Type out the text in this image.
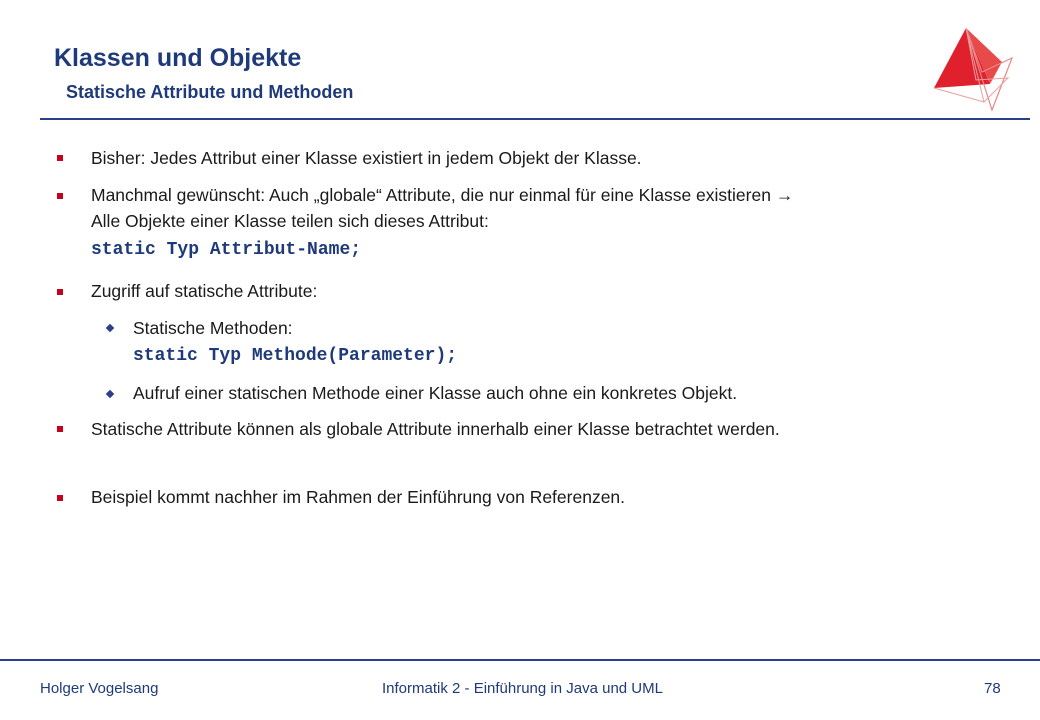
Klassen und Objekte
Statische Attribute und Methoden
Bisher: Jedes Attribut einer Klasse existiert in jedem Objekt der Klasse.
Manchmal gewünscht: Auch „globale“ Attribute, die nur einmal für eine Klasse existieren →
Alle Objekte einer Klasse teilen sich dieses Attribut:
static Typ Attribut-Name;
Zugriff auf statische Attribute:
Statische Methoden:
static Typ Methode(Parameter);
Aufruf einer statischen Methode einer Klasse auch ohne ein konkretes Objekt.
Statische Attribute können als globale Attribute innerhalb einer Klasse betrachtet werden.
Beispiel kommt nachher im Rahmen der Einführung von Referenzen.
Holger Vogelsang	Informatik 2 - Einführung in Java und UML	78
